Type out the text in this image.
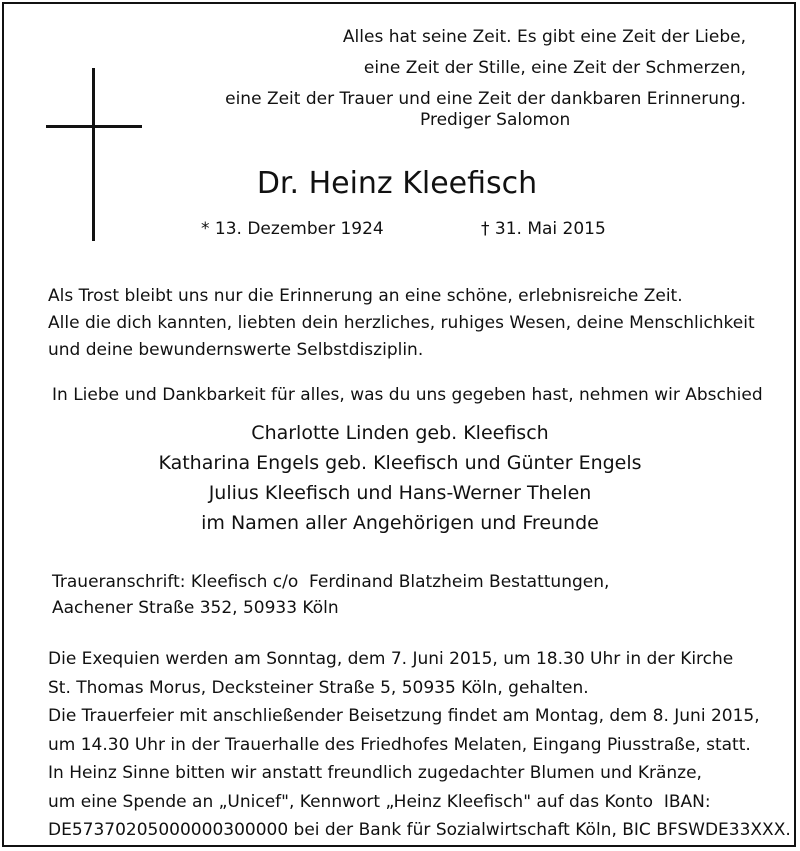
Alles hat seine Zeit. Es gibt eine Zeit der Liebe,
eine Zeit der Stille, eine Zeit der Schmerzen,
eine Zeit der Trauer und eine Zeit der dankbaren Erinnerung.
Prediger Salomon
Dr. Heinz Kleefisch
* 13. Dezember 1924	† 31. Mai 2015
Als Trost bleibt uns nur die Erinnerung an eine schöne, erlebnisreiche Zeit.
Alle die dich kannten, liebten dein herzliches, ruhiges Wesen, deine Menschlichkeit
und deine bewundernswerte Selbstdisziplin.
In Liebe und Dankbarkeit für alles, was du uns gegeben hast, nehmen wir Abschied
Charlotte Linden geb. Kleefisch
Katharina Engels geb. Kleefisch und Günter Engels
Julius Kleefisch und Hans-Werner Thelen
im Namen aller Angehörigen und Freunde
Traueranschrift: Kleefisch c/o  Ferdinand Blatzheim Bestattungen,
Aachener Straße 352, 50933 Köln
Die Exequien werden am Sonntag, dem 7. Juni 2015, um 18.30 Uhr in der Kirche
St. Thomas Morus, Decksteiner Straße 5, 50935 Köln, gehalten.
Die Trauerfeier mit anschließender Beisetzung findet am Montag, dem 8. Juni 2015,
um 14.30 Uhr in der Trauerhalle des Friedhofes Melaten, Eingang Piusstraße, statt.
In Heinz Sinne bitten wir anstatt freundlich zugedachter Blumen und Kränze,
um eine Spende an „Unicef", Kennwort „Heinz Kleefisch" auf das Konto  IBAN:
DE57370205000000300000 bei der Bank für Sozialwirtschaft Köln, BIC BFSWDE33XXX.
